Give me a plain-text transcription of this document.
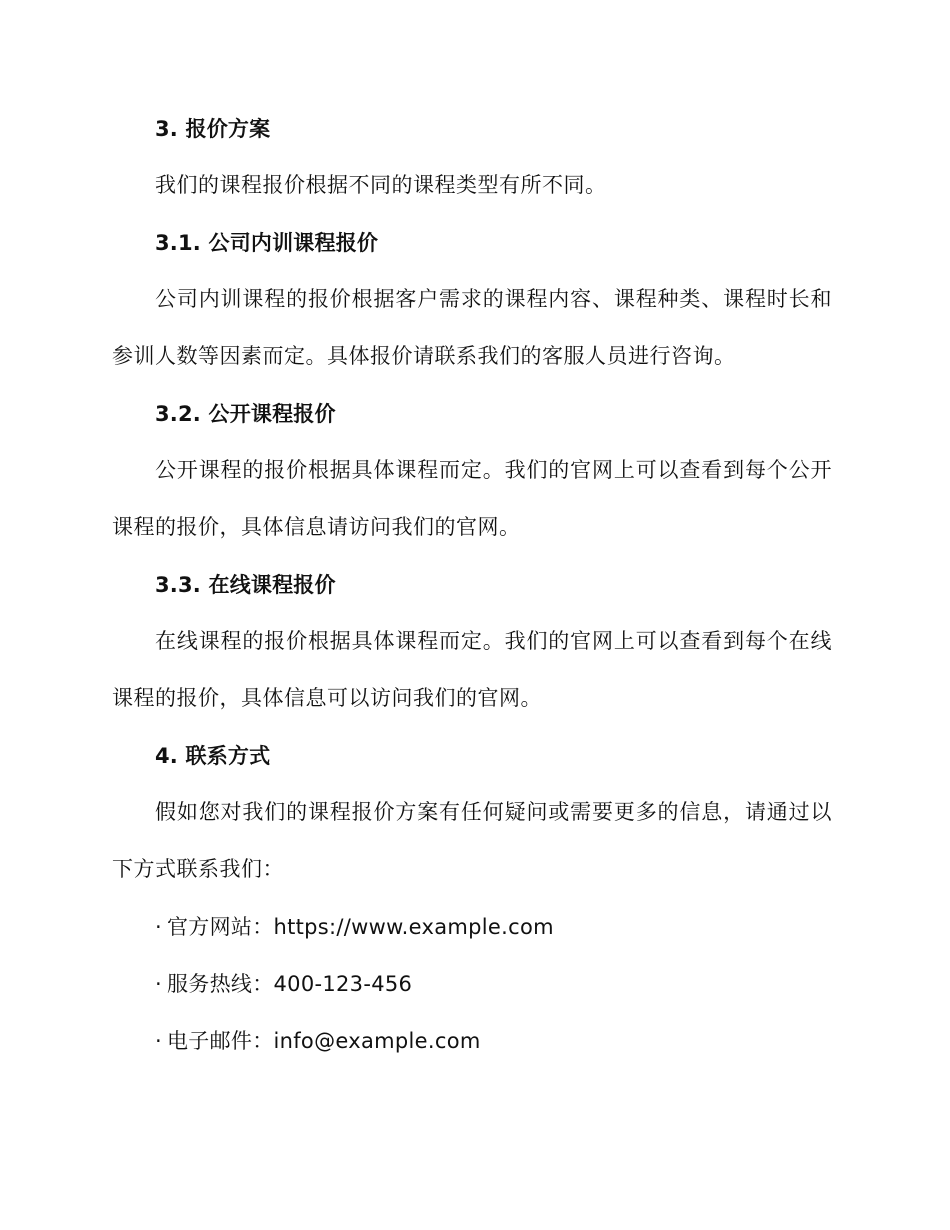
3. 报价方案

我们的课程报价根据不同的课程类型有所不同。

3.1. 公司内训课程报价

公司内训课程的报价根据客户需求的课程内容、课程种类、课程时长和参训人数等因素而定。具体报价请联系我们的客服人员进行咨询。

3.2. 公开课程报价

公开课程的报价根据具体课程而定。我们的官网上可以查看到每个公开课程的报价，具体信息请访问我们的官网。

3.3. 在线课程报价

在线课程的报价根据具体课程而定。我们的官网上可以查看到每个在线课程的报价，具体信息可以访问我们的官网。

4. 联系方式

假如您对我们的课程报价方案有任何疑问或需要更多的信息，请通过以下方式联系我们：

· 官方网站：https://www.example.com

· 服务热线：400-123-456

· 电子邮件：info@example.com
